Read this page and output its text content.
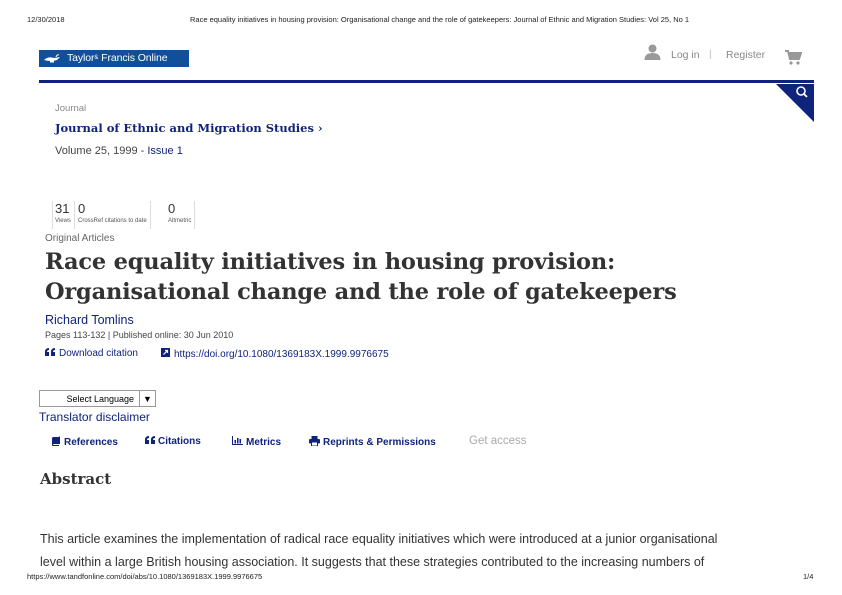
12/30/2018	Race equality initiatives in housing provision: Organisational change and the role of gatekeepers: Journal of Ethnic and Migration Studies: Vol 25, No 1
Taylor& Francis Online	Log in | Register
Journal
Journal of Ethnic and Migration Studies ›
Volume 25, 1999 - Issue 1
31
Views
0
CrossRef citations to date
0
Altmetric
Original Articles
Race equality initiatives in housing provision:
Organisational change and the role of gatekeepers
Richard Tomlins
Pages 113-132 | Published online: 30 Jun 2010
Download citation	https://doi.org/10.1080/1369183X.1999.9976675
Select Language	▼
Translator disclaimer
References	Citations	Metrics	Reprints & Permissions	Get access
Abstract
This article examines the implementation of radical race equality initiatives which were introduced at a junior organisational
level within a large British housing association. It suggests that these strategies contributed to the increasing numbers of
https://www.tandfonline.com/doi/abs/10.1080/1369183X.1999.9976675	1/4
